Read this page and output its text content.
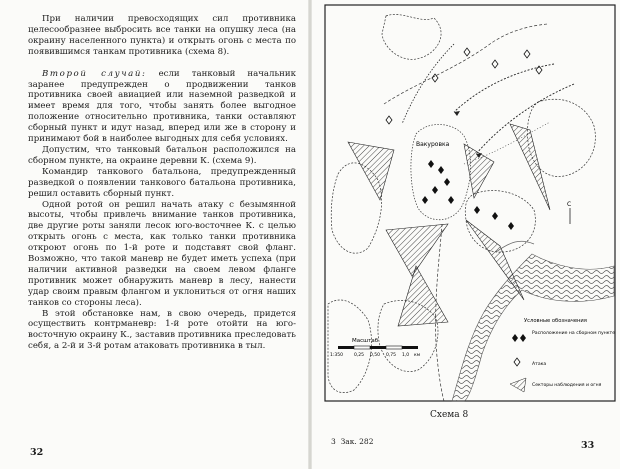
При наличии превосходящих сил противника целесообразнее выбросить все танки на опушку леса (на окраину населенного пункта) и открыть огонь с места по появившимся танкам противника (схема 8).

Второй случай: если танковый начальник заранее предупрежден о продвижении танков противника своей авиацией или наземной разведкой и имеет время для того, чтобы занять более выгодное положение относительно противника, танки оставляют сборный пункт и идут назад, вперед или же в сторону и принимают бой в наиболее выгодных для себя условиях.

Допустим, что танковый батальон расположился на сборном пункте, на окраине деревни К. (схема 9).

Командир танкового батальона, предупрежденный разведкой о появлении танкового батальона противника, решил оставить сборный пункт.

Одной ротой он решил начать атаку с безымянной высоты, чтобы привлечь внимание танков противника, две другие роты заняли лесок юго-восточнее К. с целью открыть огонь с места, как только танки противника откроют огонь по 1-й роте и подставят свой фланг. Возможно, что такой маневр не будет иметь успеха (при наличии активной разведки на своем левом фланге противник может обнаружить маневр в лесу, нанести удар своим правым флангом и уклониться от огня наших танков со стороны леса).

В этой обстановке нам, в свою очередь, придется осуществить контрманевр: 1-й роте отойти на юго-восточную окраину К., заставив противника преследовать себя, а 2-й и 3-й ротам атаковать противника в тыл.

32
Вакуровка
С
Масштаб
1:350 0,25 0,50 0,75 1,0 км
Условные обозначения
Расположение на сборном пункте
Атака
Секторы наблюдения и огня
Схема 8
3 Зак. 282	33
